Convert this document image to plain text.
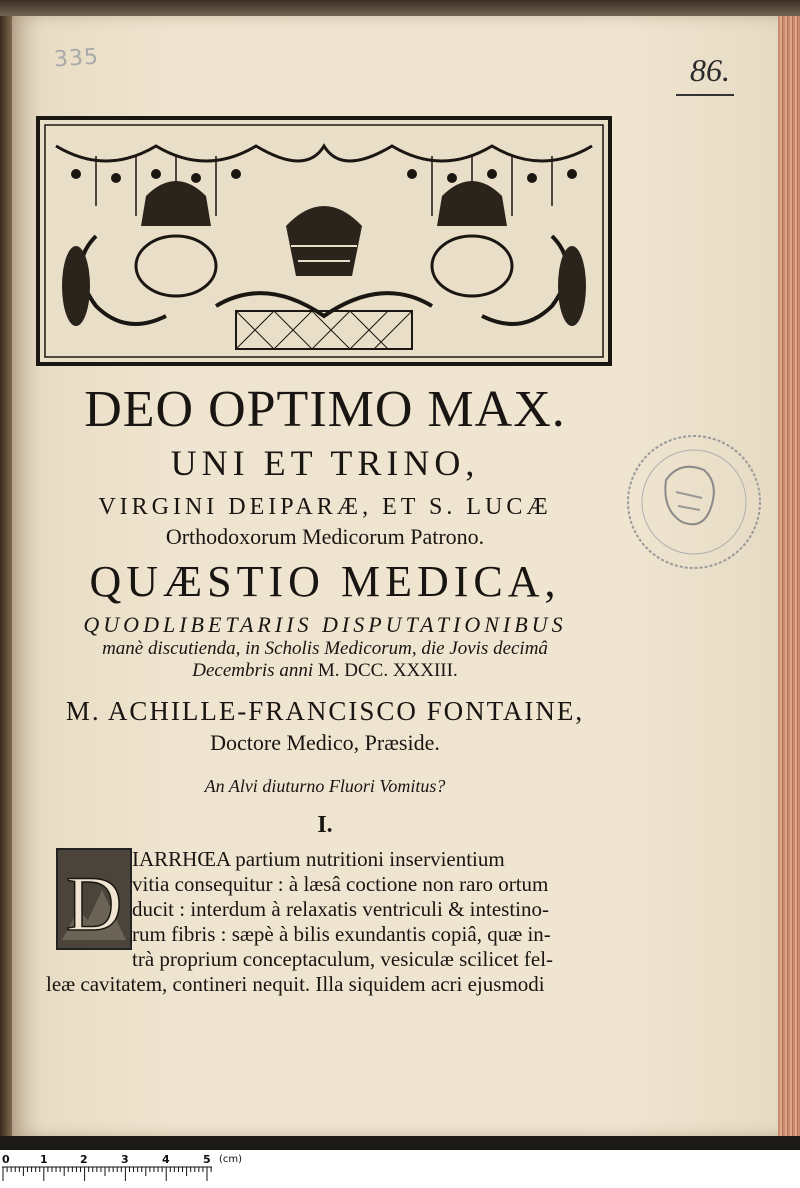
335	86.
DEO OPTIMO MAX.
UNI ET TRINO,
VIRGINI DEIPARÆ, ET S. LUCÆ
Orthodoxorum Medicorum Patrono.
QUÆSTIO MEDICA,
QUODLIBETARIIS DISPUTATIONIBUS
manè discutienda, in Scholis Medicorum, die Jovis decimâ
Decembris anni M. DCC. XXXIII.
M. ACHILLE-FRANCISCO FONTAINE,
Doctore Medico, Præside.
An Alvi diuturno Fluori Vomitus?
I.
D
IARRHŒA partium nutritioni inservientium
vitia consequitur : à læsâ coctione non raro ortum
ducit : interdum à relaxatis ventriculi & intestino-
rum fibris : sæpè à bilis exundantis copiâ, quæ in-
trà proprium conceptaculum, vesiculæ scilicet fel-
leæ cavitatem, contineri nequit. Illa siquidem acri ejusmodi
0	1	2	3	4	5 (cm)
